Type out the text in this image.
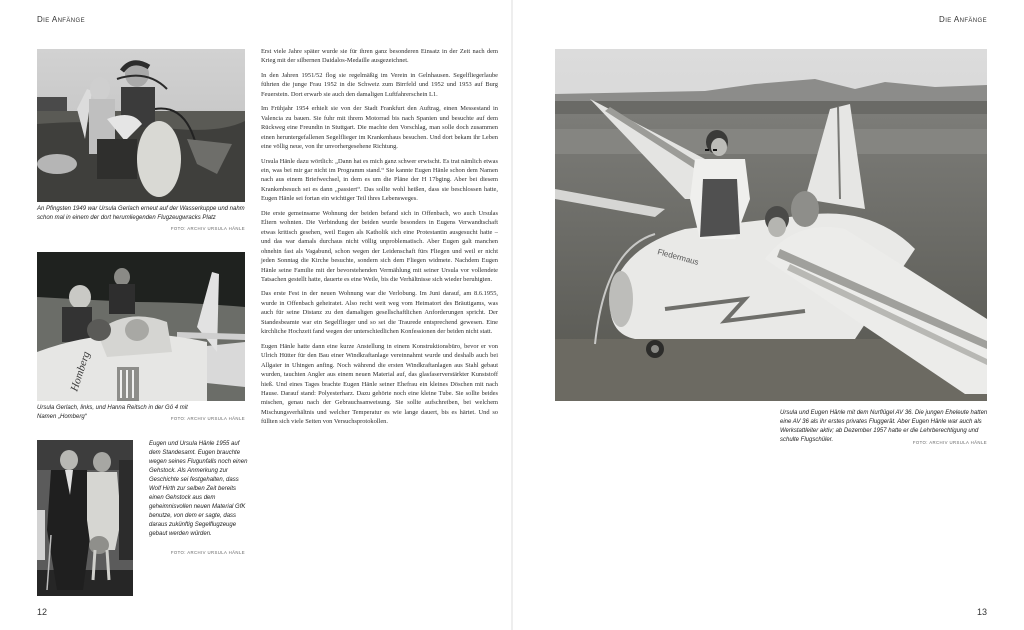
Die Anfänge	Die Anfänge
An Pfingsten 1949 war Ursula Gerlach erneut auf der Wasserkuppe und nahm schon mal in einem der dort herumliegenden Flugzeugwracks Platz
FOTO: ARCHIV URSULA HÄNLE
Homberg
Ursula Gerlach, links, und Hanna Reitsch in der Gö 4 mit Namen „Homberg“	FOTO: ARCHIV URSULA HÄNLE
Eugen und Ursula Hänle 1955 auf dem Standesamt. Eugen brauchte wegen seines Flugunfalls noch einen Gehstock. Als Anmerkung zur Geschichte sei festgehalten, dass Wolf Hirth zur selben Zeit bereits einen Gehstock aus dem geheimnisvollen neuen Material GfK benutze, von dem er sagte, dass daraus zukünftig Segelflugzeuge gebaut werden würden.
FOTO: ARCHIV URSULA HÄNLE

Erst viele Jahre später wurde sie für ihren ganz besonderen Einsatz in der Zeit nach dem Krieg mit der silbernen Daidalos-Medaille ausgezeichnet.

In den Jahren 1951/52 flog sie regelmäßig im Verein in Gelnhausen. Segelfliegerlaube führten die junge Frau 1952 in die Schweiz zum Birrfeld und 1952 und 1953 auf Burg Feuerstein. Dort erwarb sie auch den damaligen Luftfahrerschein L1.

Im Frühjahr 1954 erhielt sie von der Stadt Frankfurt den Auftrag, einen Messestand in Valencia zu bauen. Sie fuhr mit ihrem Motorrad bis nach Spanien und besuchte auf dem Rückweg eine Freundin in Stuttgart. Die machte den Vorschlag, man solle doch zusammen einen heruntergefallenen Segelflieger im Krankenhaus besuchen. Und dort bekam ihr Leben eine völlig neue, von ihr unvorhergesehene Richtung.

Ursula Hänle dazu wörtlich: „Dann hat es mich ganz schwer erwischt. Es trat nämlich etwas ein, was bei mir gar nicht im Programm stand.“ Sie kannte Eugen Hänle schon dem Namen nach aus einem Briefwechsel, in dem es um die Pläne der H 17bging. Aber bei diesem Krankenbesuch sei es dann „passiert“. Das sollte wohl heißen, dass sie beschlossen hatte, Eugen Hänle sei fortan ein wichtiger Teil ihres Lebensweges.

Die erste gemeinsame Wohnung der beiden befand sich in Offenbach, wo auch Ursulas Eltern wohnten. Die Verbindung der beiden wurde besonders in Eugens Verwandtschaft etwas kritisch gesehen, weil Eugen als Katholik sich eine Protestantin ausgesucht hatte – und das war damals durchaus nicht völlig unproblematisch. Aber Eugen galt manchen ohnehin fast als Vagabund, schon wegen der Leidenschaft fürs Fliegen und weil er nicht jeden Sonntag die Kirche besuchte, sondern sich dem Fliegen widmete. Nachdem Eugen Hänle seine Familie mit der bevorstehenden Vermählung mit seiner Ursula vor vollendete Tatsachen gestellt hatte, dauerte es eine Weile, bis die Verhältnisse sich wieder beruhigten.

Das erste Fest in der neuen Wohnung war die Verlobung. Im Juni darauf, am 8.6.1955, wurde in Offenbach geheiratet. Also recht weit weg vom Heimatort des Bräutigams, was auch für seine Distanz zu den damaligen gesellschaftlichen Anforderungen spricht. Der Standesbeamte war ein Segelflieger und so sei die Traurede entsprechend gewesen. Eine kirchliche Hochzeit fand wegen der unterschiedlichen Konfessionen der beiden nicht statt.

Eugen Hänle hatte dann eine kurze Anstellung in einem Konstruktionsbüro, bevor er von Ulrich Hütter für den Bau einer Windkraftanlage vereinnahmt wurde und deshalb auch bei Allgaier in Uhingen anfing. Noch während die ersten Windkraftanlagen aus Stahl gebaut wurden, tauchten Angler aus einem neuen Material auf, das glasfaserverstärkter Kunststoff hieß. Und eines Tages brachte Eugen Hänle seiner Ehefrau ein kleines Döschen mit nach Hause. Darauf stand: Polyesterharz. Dazu gehörte noch eine kleine Tube. Sie sollte beides mischen, genau nach der Gebrauchsanweisung. Sie sollte aufschreiben, bei welchem Mischungsverhältnis und welcher Temperatur es wie lange dauert, bis es härtet. Und so füllten sich viele Seiten von Versuchsprotokollen.

12
Fledermaus
Ursula und Eugen Hänle mit dem Nurflügel AV 36. Die jungen Eheleute hatten eine AV 36 als ihr erstes privates Fluggerät. Aber Eugen Hänle war auch als Werkstattleiter aktiv; ab Dezember 1957 hatte er die Lehrberechtigung und schulte Flugschüler.	FOTO: ARCHIV URSULA HÄNLE
13
